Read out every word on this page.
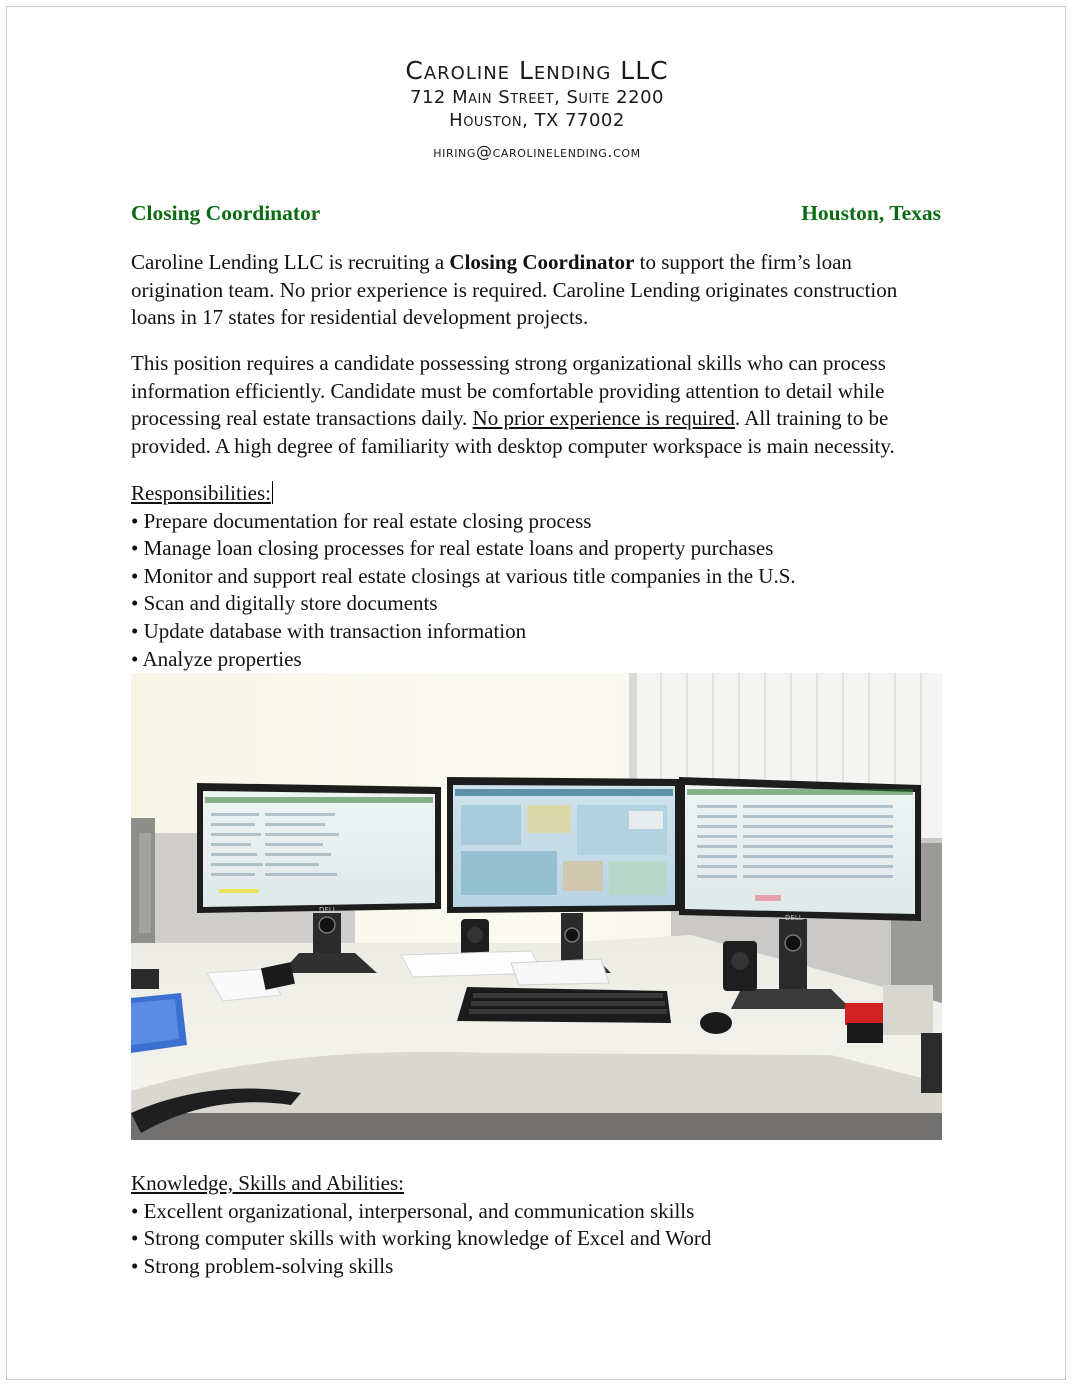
Caroline Lending LLC
712 Main Street, Suite 2200
Houston, TX 77002
hiring@carolinelending.com
Closing Coordinator	Houston, Texas

Caroline Lending LLC is recruiting a Closing Coordinator to support the firm’s loan origination team. No prior experience is required. Caroline Lending originates construction loans in 17 states for residential development projects.

This position requires a candidate possessing strong organizational skills who can process information efficiently. Candidate must be comfortable providing attention to detail while processing real estate transactions daily. No prior experience is required. All training to be provided. A high degree of familiarity with desktop computer workspace is main necessity.

Responsibilities:
• Prepare documentation for real estate closing process
• Manage loan closing processes for real estate loans and property purchases
• Monitor and support real estate closings at various title companies in the U.S.
• Scan and digitally store documents
• Update database with transaction information
• Analyze properties
DELL
DELL
Knowledge, Skills and Abilities:
• Excellent organizational, interpersonal, and communication skills
• Strong computer skills with working knowledge of Excel and Word
• Strong problem-solving skills
